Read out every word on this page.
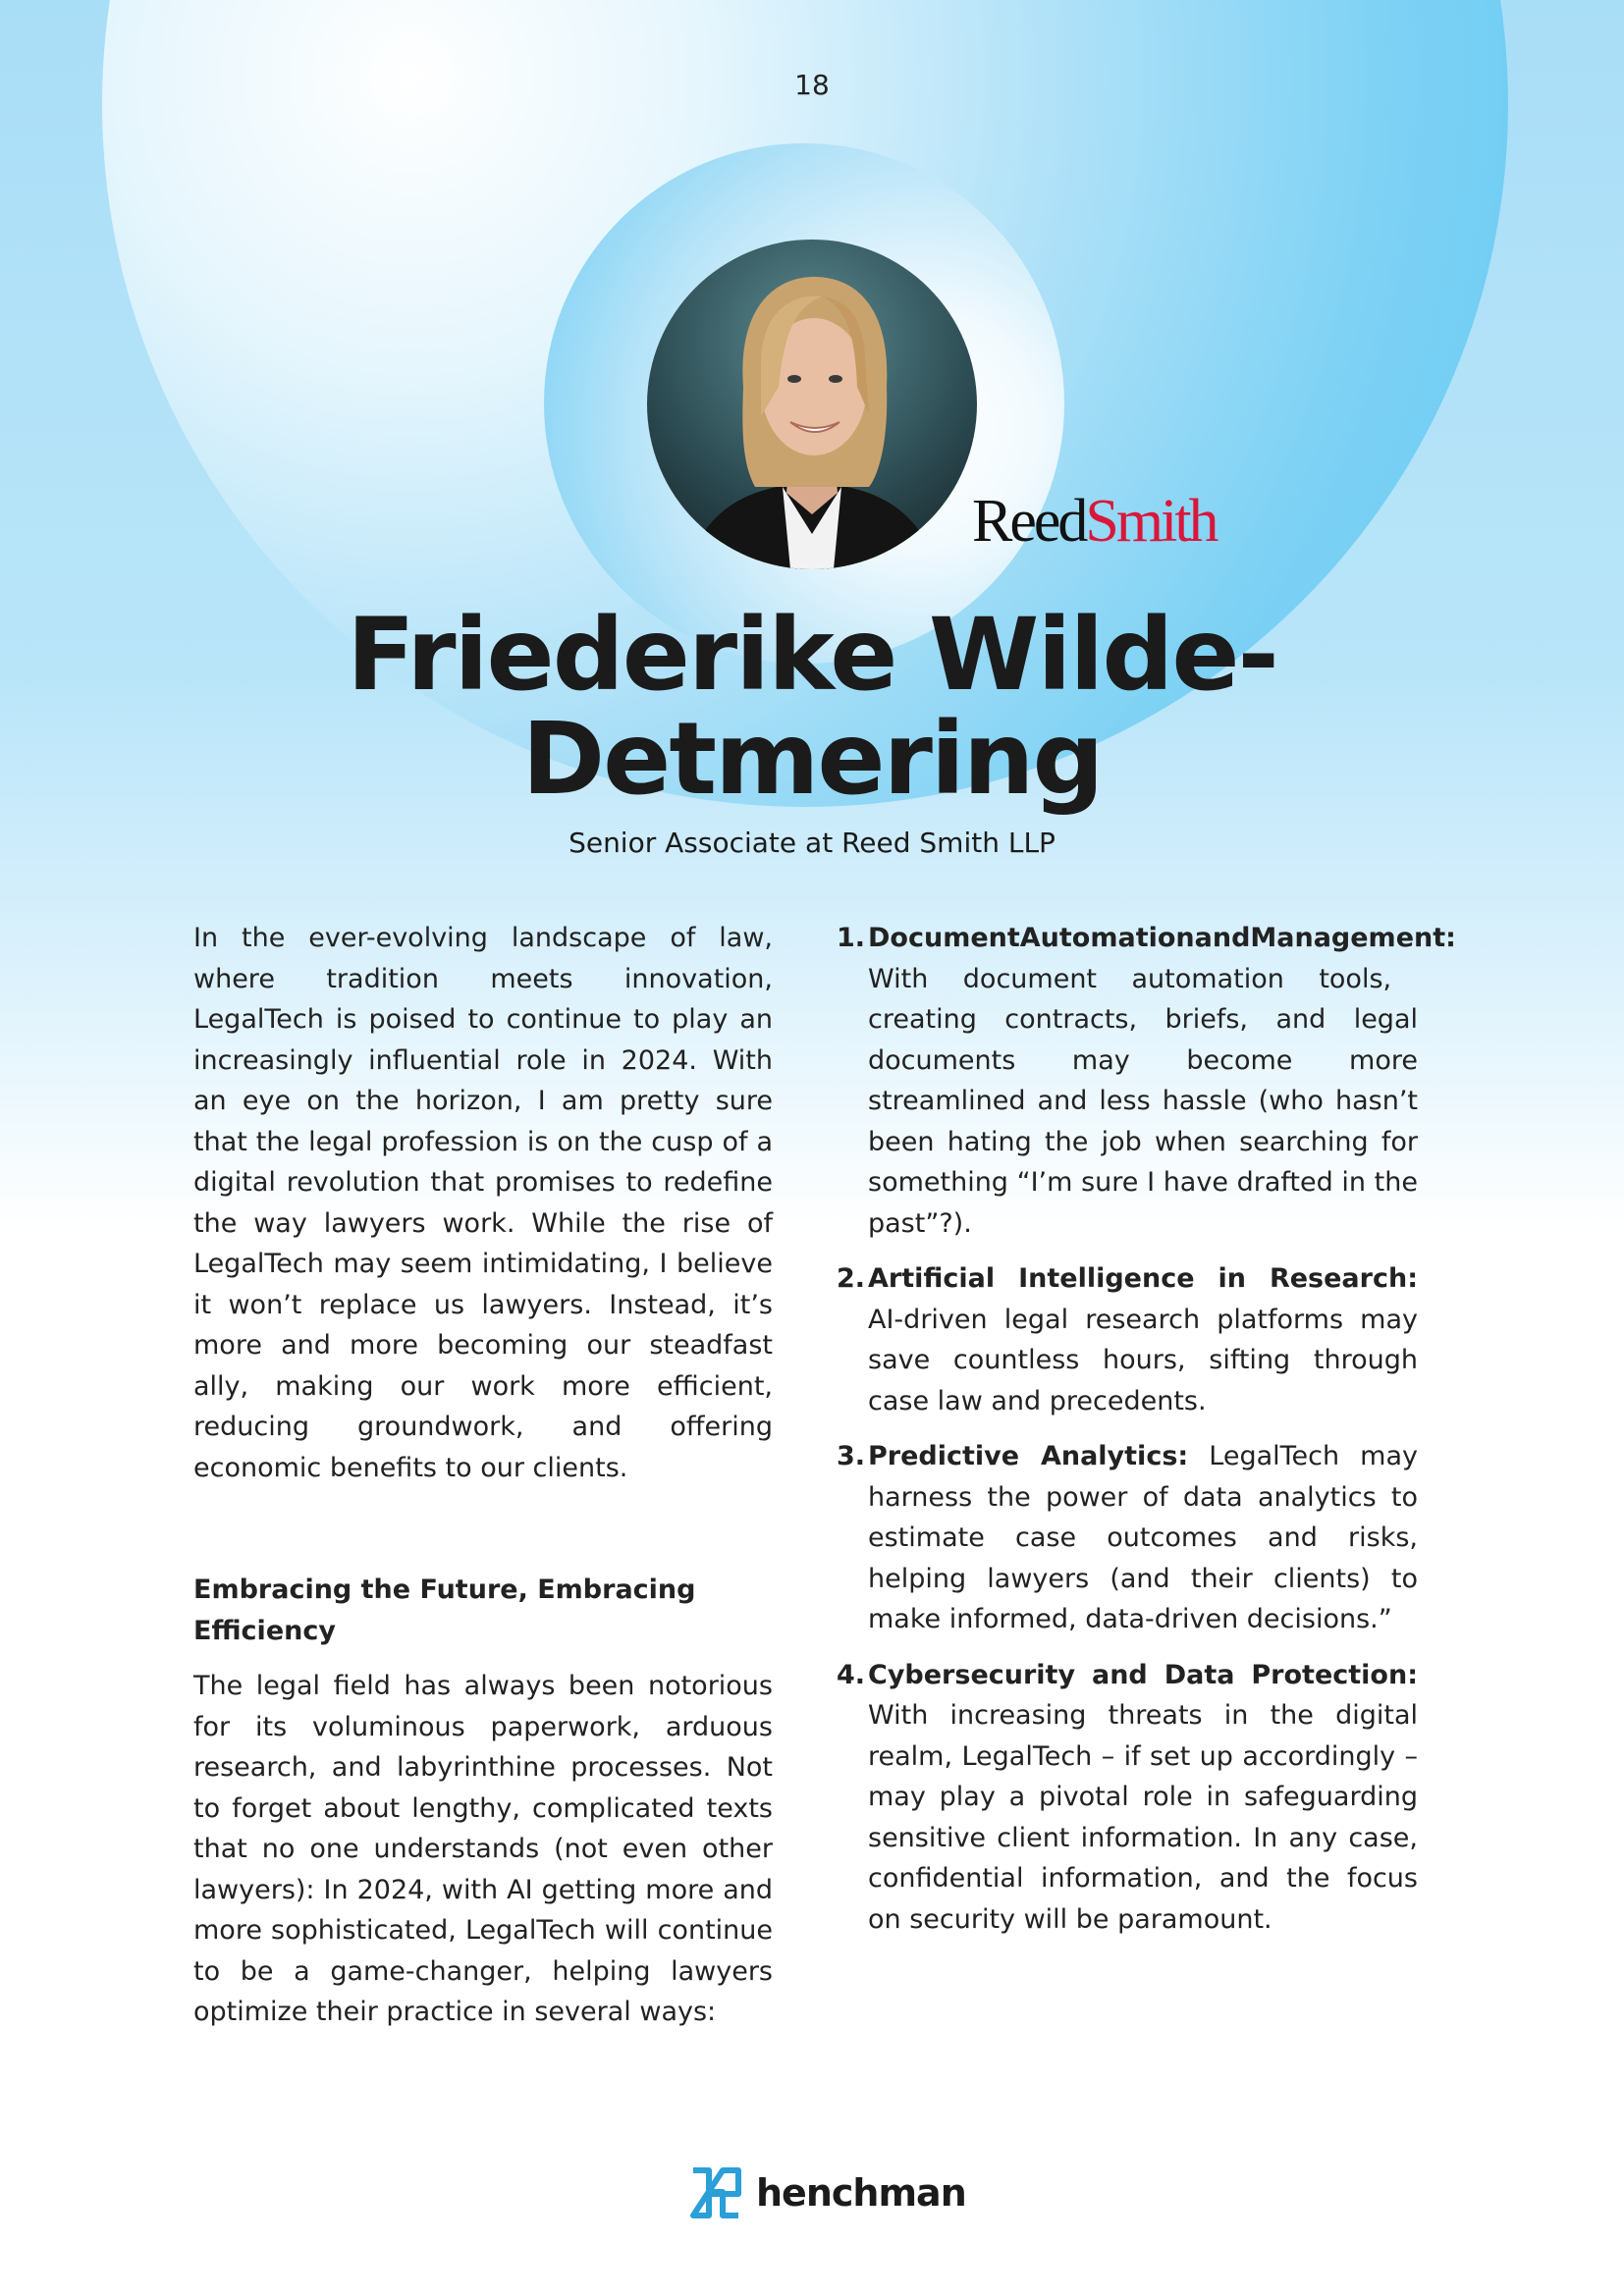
18
ReedSmith
Friederike Wilde-
Detmering
Senior Associate at Reed Smith LLP

In the ever-evolving landscape of law, where tradition meets innovation, LegalTech is poised to continue to play an increasingly influential role in 2024. With an eye on the horizon, I am pretty sure that the legal profession is on the cusp of a digital revolution that promises to redefine the way lawyers work. While the rise of LegalTech may seem intimidating, I believe it won’t replace us lawyers. Instead, it’s more and more becoming our steadfast ally, making our work more efficient, reducing groundwork, and offering economic benefits to our clients.

Embracing the Future, Embracing Efficiency

The legal field has always been notorious for its voluminous paperwork, arduous research, and labyrinthine processes. Not to forget about lengthy, complicated texts that no one understands (not even other lawyers): In 2024, with AI getting more and more sophisticated, LegalTech will continue to be a game-changer, helping lawyers optimize their practice in several ways:

1. DocumentAutomationandManagement: With document automation tools, creating contracts, briefs, and legal documents may become more streamlined and less hassle (who hasn’t been hating the job when searching for something “I’m sure I have drafted in the past”?).
2. Artificial Intelligence in Research: AI-driven legal research platforms may save countless hours, sifting through case law and precedents.
3. Predictive Analytics: LegalTech may harness the power of data analytics to estimate case outcomes and risks, helping lawyers (and their clients) to make informed, data-driven decisions.”
4. Cybersecurity and Data Protection: With increasing threats in the digital realm, LegalTech – if set up accordingly – may play a pivotal role in safeguarding sensitive client information. In any case, confidential information, and the focus on security will be paramount.
henchman
